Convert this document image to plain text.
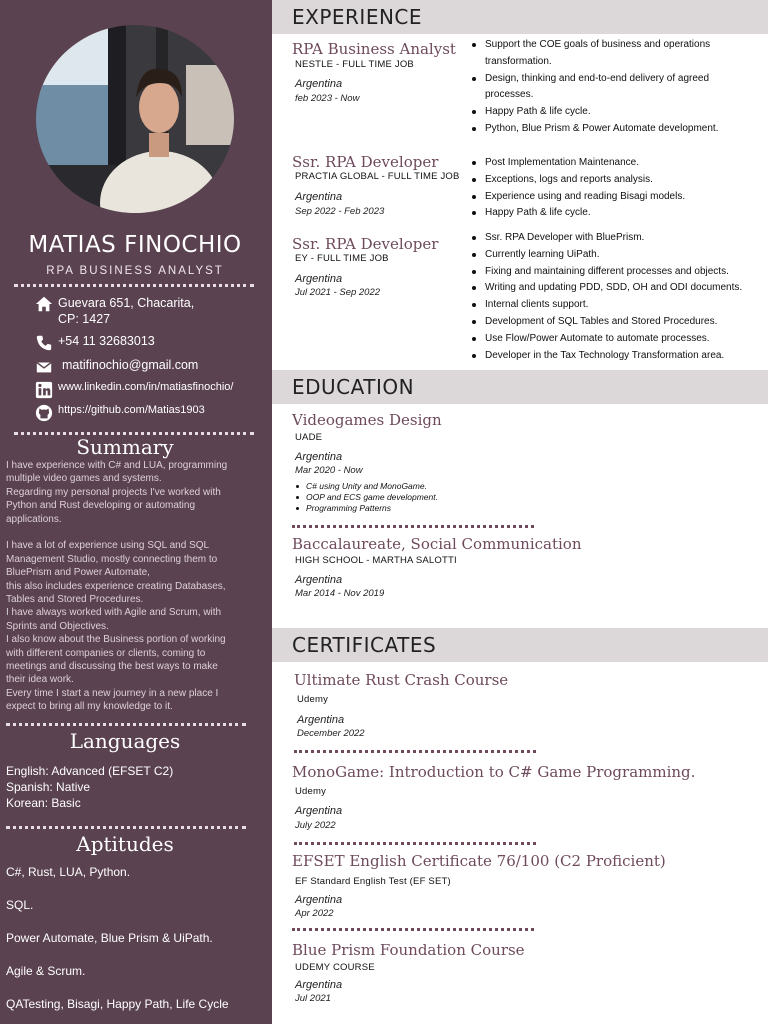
MATIAS FINOCHIO
RPA BUSINESS ANALYST
Guevara 651, Chacarita,
CP: 1427
+54 11 32683013
matifinochio@gmail.com
www.linkedin.com/in/matiasfinochio/
https://github.com/Matias1903
Summary

I have experience with C# and LUA, programming

multiple video games and systems.

Regarding my personal projects I've worked with

Python and Rust developing or automating

applications.

I have a lot of experience using SQL and SQL

Management Studio, mostly connecting them to

BluePrism and Power Automate,

this also includes experience creating Databases,

Tables and Stored Procedures.

I have always worked with Agile and Scrum, with

Sprints and Objectives.

I also know about the Business portion of working

with different companies or clients, coming to

meetings and discussing the best ways to make

their idea work.

Every time I start a new journey in a new place I

expect to bring all my knowledge to it.

Languages
English: Advanced (EFSET C2)
Spanish: Native
Korean: Basic
Aptitudes
C#, Rust, LUA, Python.
SQL.
Power Automate, Blue Prism & UiPath.
Agile & Scrum.
QATesting, Bisagi, Happy Path, Life Cycle
EXPERIENCE
RPA Business Analyst
NESTLE - FULL TIME JOB
Argentina
feb 2023 - Now
Support the COE goals of business and operations
transformation.
Design, thinking and end-to-end delivery of agreed
processes.
Happy Path & life cycle.
Python, Blue Prism & Power Automate development.
Ssr. RPA Developer
PRACTIA GLOBAL - FULL TIME JOB
Argentina
Sep 2022 - Feb 2023
Post Implementation Maintenance.
Exceptions, logs and reports analysis.
Experience using and reading Bisagi models.
Happy Path & life cycle.
Ssr. RPA Developer
EY - FULL TIME JOB
Argentina
Jul 2021 - Sep 2022
Ssr. RPA Developer with BluePrism.
Currently learning UiPath.
Fixing and maintaining different processes and objects.
Writing and updating PDD, SDD, OH and ODI documents.
Internal clients support.
Development of SQL Tables and Stored Procedures.
Use Flow/Power Automate to automate processes.
Developer in the Tax Technology Transformation area.
EDUCATION
Videogames Design
UADE
Argentina
Mar 2020 - Now
C# using Unity and MonoGame.
OOP and ECS game development.
Programming Patterns
Baccalaureate, Social Communication
HIGH SCHOOL - MARTHA SALOTTI
Argentina
Mar 2014 - Nov 2019
CERTIFICATES
Ultimate Rust Crash Course
Udemy
Argentina
December 2022
MonoGame: Introduction to C# Game Programming.
Udemy
Argentina
July 2022
EFSET English Certificate 76/100 (C2 Proficient)
EF Standard English Test (EF SET)
Argentina
Apr 2022
Blue Prism Foundation Course
UDEMY COURSE
Argentina
Jul 2021
